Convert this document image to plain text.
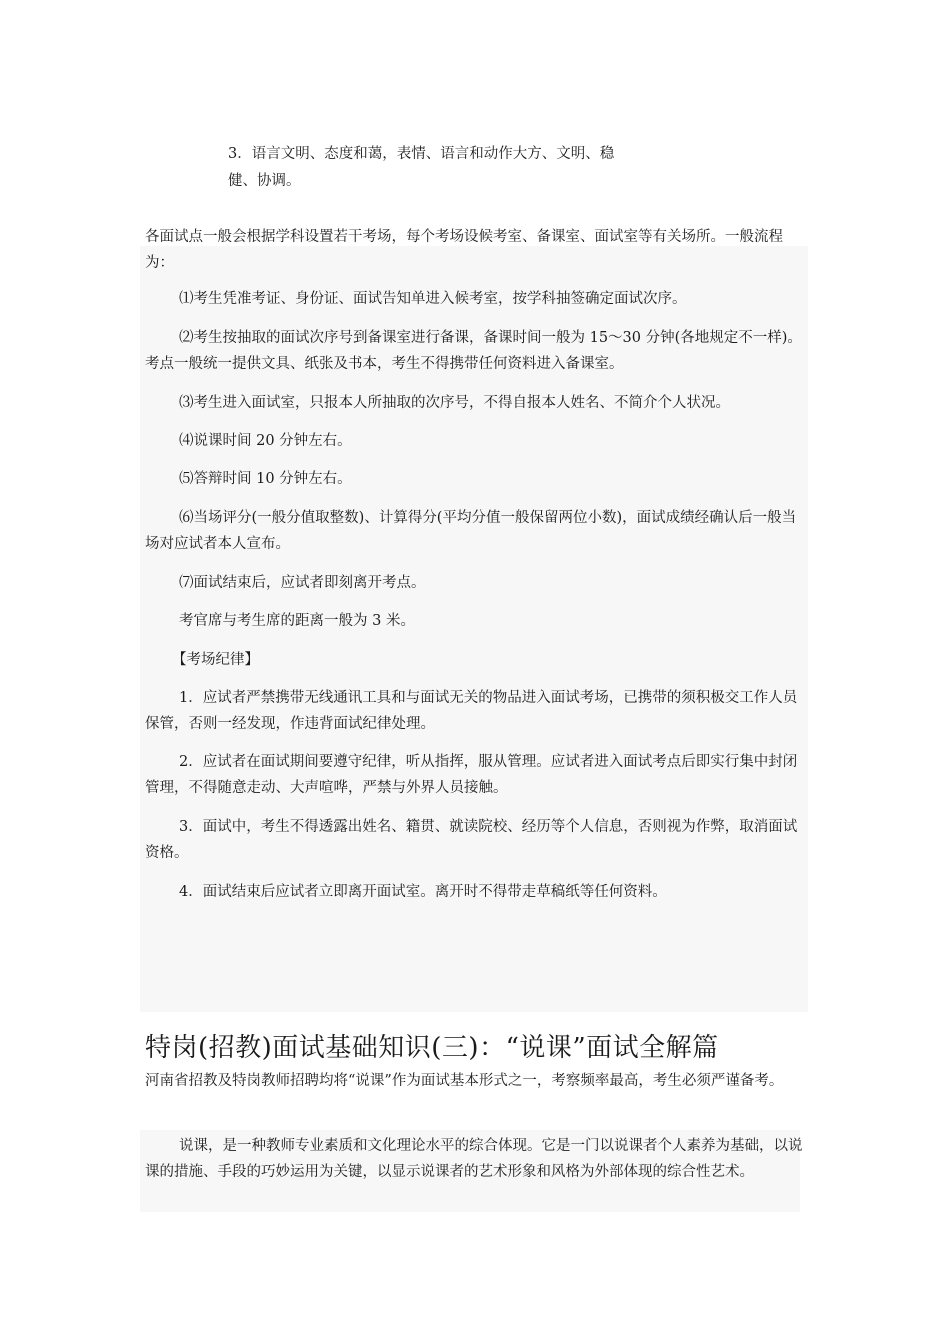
3．语言文明、态度和蔼，表情、语言和动作大方、文明、稳

健、协调。

各面试点一般会根据学科设置若干考场，每个考场设候考室、备课室、面试室等有关场所。一般流程为：

⑴考生凭准考证、身份证、面试告知单进入候考室，按学科抽签确定面试次序。

⑵考生按抽取的面试次序号到备课室进行备课，备课时间一般为 15～30 分钟(各地规定不一样)。考点一般统一提供文具、纸张及书本，考生不得携带任何资料进入备课室。

⑶考生进入面试室，只报本人所抽取的次序号，不得自报本人姓名、不简介个人状况。

⑷说课时间 20 分钟左右。

⑸答辩时间 10 分钟左右。

⑹当场评分(一般分值取整数)、计算得分(平均分值一般保留两位小数)，面试成绩经确认后一般当场对应试者本人宣布。

⑺面试结束后，应试者即刻离开考点。

考官席与考生席的距离一般为 3 米。

【考场纪律】

1．应试者严禁携带无线通讯工具和与面试无关的物品进入面试考场，已携带的须积极交工作人员保管，否则一经发现，作违背面试纪律处理。

2．应试者在面试期间要遵守纪律，听从指挥，服从管理。应试者进入面试考点后即实行集中封闭管理，不得随意走动、大声喧哗，严禁与外界人员接触。

3．面试中，考生不得透露出姓名、籍贯、就读院校、经历等个人信息，否则视为作弊，取消面试资格。

4．面试结束后应试者立即离开面试室。离开时不得带走草稿纸等任何资料。

特岗(招教)面试基础知识(三)：“说课”面试全解篇

河南省招教及特岗教师招聘均将“说课”作为面试基本形式之一，考察频率最高，考生必须严谨备考。

说课，是一种教师专业素质和文化理论水平的综合体现。它是一门以说课者个人素养为基础，以说课的措施、手段的巧妙运用为关键，以显示说课者的艺术形象和风格为外部体现的综合性艺术。
